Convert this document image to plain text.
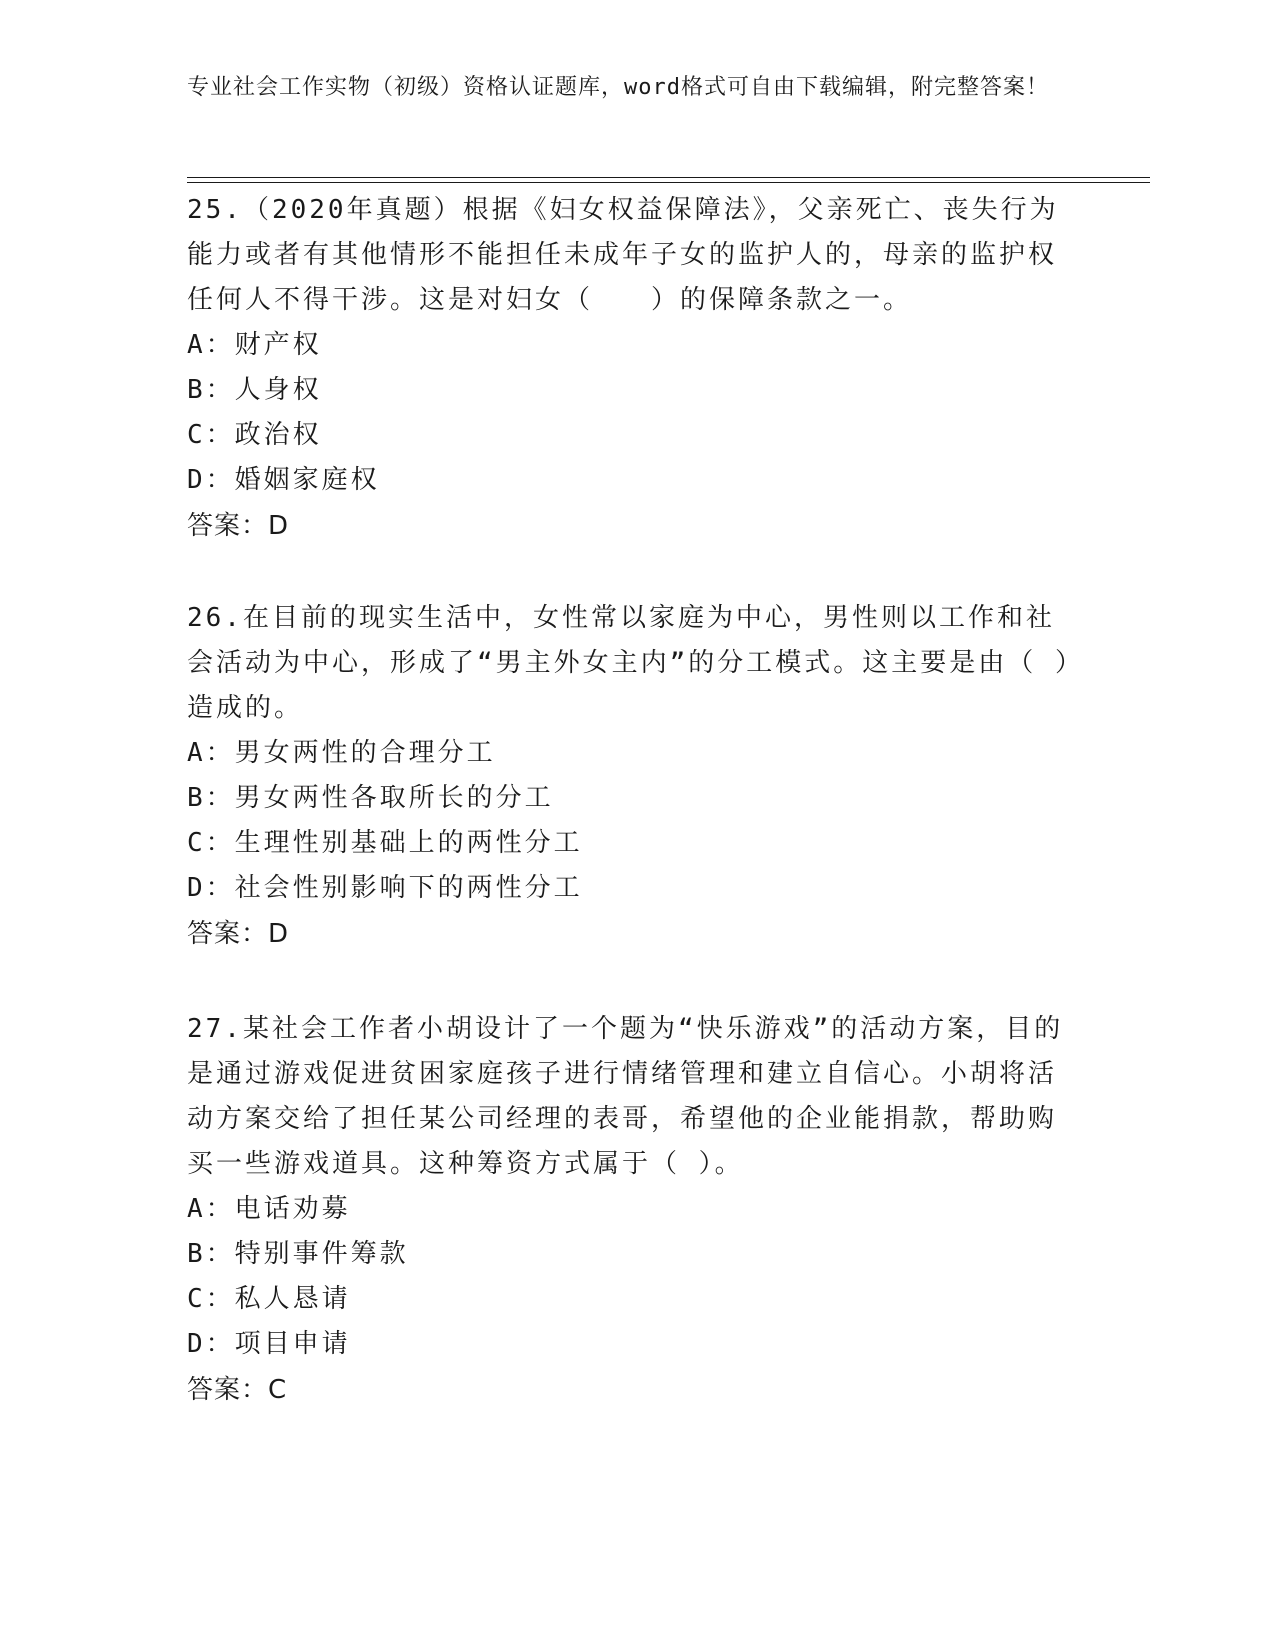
专业社会工作实物（初级）资格认证题库，word格式可自由下载编辑，附完整答案！

25.（2020年真题）根据《妇女权益保障法》，父亲死亡、丧失行为能力或者有其他情形不能担任未成年子女的监护人的，母亲的监护权任何人不得干涉。这是对妇女（　　）的保障条款之一。

A：财产权

B：人身权

C：政治权

D：婚姻家庭权

答案：D

26.在目前的现实生活中，女性常以家庭为中心，男性则以工作和社会活动为中心，形成了“男主外女主内”的分工模式。这主要是由（ ）造成的。

A：男女两性的合理分工

B：男女两性各取所长的分工

C：生理性别基础上的两性分工

D：社会性别影响下的两性分工

答案：D

27.某社会工作者小胡设计了一个题为“快乐游戏”的活动方案，目的是通过游戏促进贫困家庭孩子进行情绪管理和建立自信心。小胡将活动方案交给了担任某公司经理的表哥，希望他的企业能捐款，帮助购买一些游戏道具。这种筹资方式属于（ ）。

A：电话劝募

B：特别事件筹款

C：私人恳请

D：项目申请

答案：C
